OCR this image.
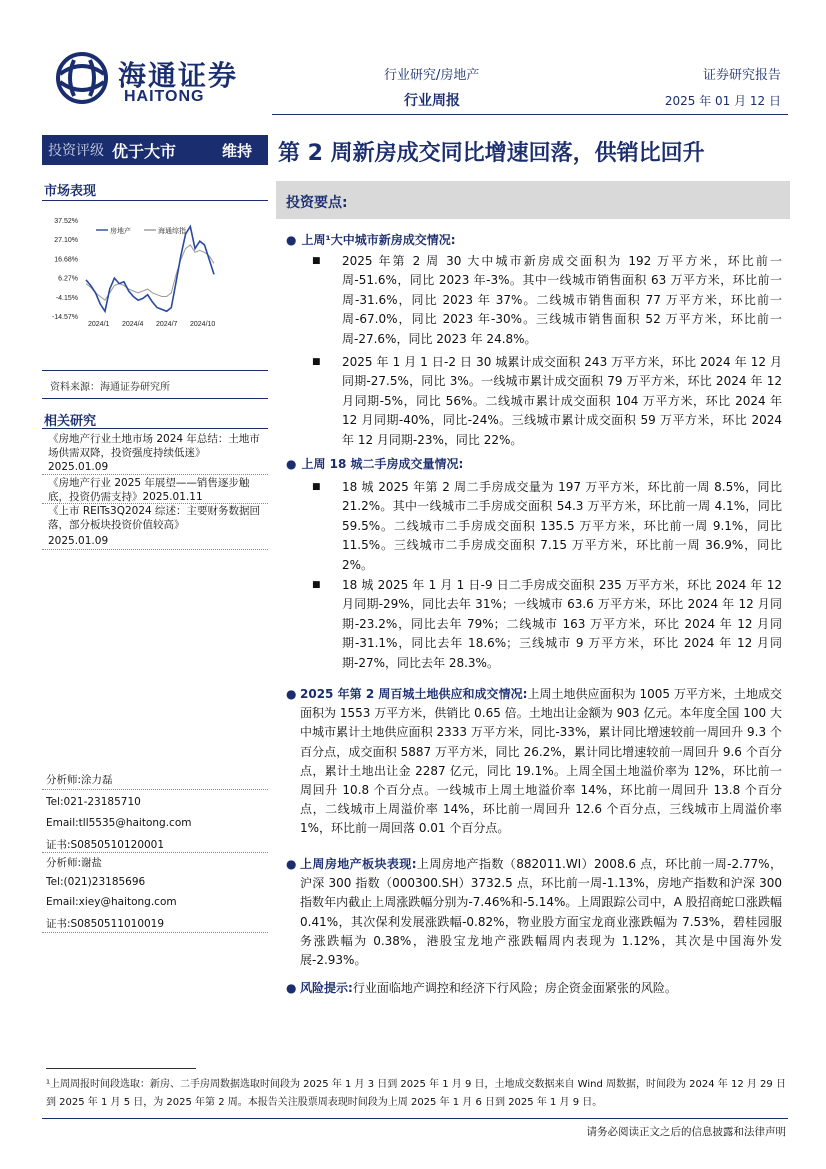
海通证券
HAITONG
行业研究/房地产
行业周报
证券研究报告
2025 年 01 月 12 日
投资评级 优于大市	维持	第 2 周新房成交同比增速回落，供销比回升
市场表现
37.52%
27.10%
16.68%
6.27%
-4.15%
-14.57%
2024/1 2024/4 2024/7 2024/10
房地产	海通综指
资料来源：海通证券研究所
相关研究
《房地产行业土地市场 2024 年总结：土地市场供需双降，投资强度持续低迷》
2025.01.09
《房地产行业 2025 年展望——销售逐步触底，投资仍需支持》2025.01.11
《上市 REITs3Q2024 综述：主要财务数据回落，部分板块投资价值较高》
2025.01.09
分析师:涂力磊
Tel:021-23185710
Email:tll5535@haitong.com
证书:S0850510120001
分析师:谢盐
Tel:(021)23185696
Email:xiey@haitong.com
证书:S0850511010019
投资要点:
● 上周¹大中城市新房成交情况:
■ 2025 年第 2 周 30 大中城市新房成交面积为 192 万平方米，环比前一周-51.6%，同比 2023 年-3%。其中一线城市销售面积 63 万平方米，环比前一周-31.6%，同比 2023 年 37%。二线城市销售面积 77 万平方米，环比前一周-67.0%，同比 2023 年-30%。三线城市销售面积 52 万平方米，环比前一周-27.6%，同比 2023 年 24.8%。
■ 2025 年 1 月 1 日-2 日 30 城累计成交面积 243 万平方米，环比 2024 年 12 月同期-27.5%，同比 3%。一线城市累计成交面积 79 万平方米，环比 2024 年 12 月同期-5%，同比 56%。二线城市累计成交面积 104 万平方米，环比 2024 年 12 月同期-40%，同比-24%。三线城市累计成交面积 59 万平方米，环比 2024 年 12 月同期-23%，同比 22%。
● 上周 18 城二手房成交量情况:
■ 18 城 2025 年第 2 周二手房成交量为 197 万平方米，环比前一周 8.5%，同比 21.2%。其中一线城市二手房成交面积 54.3 万平方米，环比前一周 4.1%，同比 59.5%。二线城市二手房成交面积 135.5 万平方米，环比前一周 9.1%，同比 11.5%。三线城市二手房成交面积 7.15 万平方米，环比前一周 36.9%，同比 2%。
■ 18 城 2025 年 1 月 1 日-9 日二手房成交面积 235 万平方米，环比 2024 年 12 月同期-29%，同比去年 31%；一线城市 63.6 万平方米，环比 2024 年 12 月同期-23.2%，同比去年 79%；二线城市 163 万平方米，环比 2024 年 12 月同期-31.1%，同比去年 18.6%；三线城市 9 万平方米，环比 2024 年 12 月同期-27%，同比去年 28.3%。
● 2025 年第 2 周百城土地供应和成交情况:上周土地供应面积为 1005 万平方米，土地成交面积为 1553 万平方米，供销比 0.65 倍。土地出让金额为 903 亿元。本年度全国 100 大中城市累计土地供应面积 2333 万平方米，同比-33%，累计同比增速较前一周回升 9.3 个百分点，成交面积 5887 万平方米，同比 26.2%，累计同比增速较前一周回升 9.6 个百分点，累计土地出让金 2287 亿元，同比 19.1%。上周全国土地溢价率为 12%，环比前一周回升 10.8 个百分点。一线城市上周土地溢价率 14%，环比前一周回升 13.8 个百分点，二线城市上周溢价率 14%，环比前一周回升 12.6 个百分点，三线城市上周溢价率 1%，环比前一周回落 0.01 个百分点。
● 上周房地产板块表现:上周房地产指数（882011.WI）2008.6 点，环比前一周-2.77%，沪深 300 指数（000300.SH）3732.5 点，环比前一周-1.13%，房地产指数和沪深 300 指数年内截止上周涨跌幅分别为-7.46%和-5.14%。上周跟踪公司中，A 股招商蛇口涨跌幅 0.41%，其次保利发展涨跌幅-0.82%，物业股方面宝龙商业涨跌幅为 7.53%，碧桂园服务涨跌幅为 0.38%，港股宝龙地产涨跌幅周内表现为 1.12%，其次是中国海外发展-2.93%。
● 风险提示:行业面临地产调控和经济下行风险；房企资金面紧张的风险。
¹上周周报时间段选取：新房、二手房周数据选取时间段为 2025 年 1 月 3 日到 2025 年 1 月 9 日，土地成交数据来自 Wind 周数据，时间段为 2024 年 12 月 29 日到 2025 年 1 月 5 日，为 2025 年第 2 周。本报告关注股票周表现时间段为上周 2025 年 1 月 6 日到 2025 年 1 月 9 日。
请务必阅读正文之后的信息披露和法律声明
